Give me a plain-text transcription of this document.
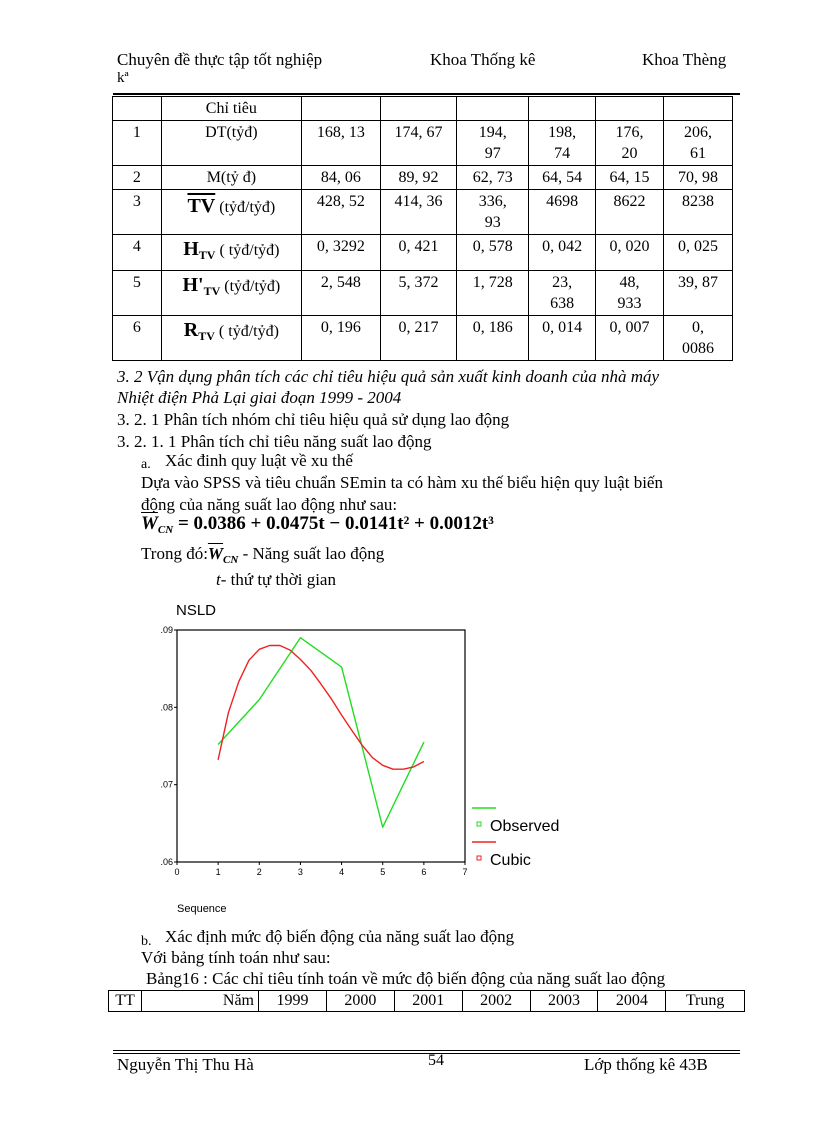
Chuyên đề thực tập tốt nghiệp	Khoa Thống kê	Khoa Thèng
kª
	Chỉ tiêu						
1	DT(tỷđ)	168, 13	174, 67	194, 97	198, 74	176, 20	206, 61
2	M(tỷ đ)	84, 06	89, 92	62, 73	64, 54	64, 15	70, 98
3	$\overline{TV}$ (tỷđ/tỷđ)	428, 52	414, 36	336, 93	4698	8622	8238
4	$H_{TV}$ ( tỷđ/tỷđ)	0, 3292	0, 421	0, 578	0, 042	0, 020	0, 025
5	$H'_{TV}$ (tỷđ/tỷđ)	2, 548	5, 372	1, 728	23, 638	48, 933	39, 87
6	$R_{TV}$ ( tỷđ/tỷđ)	0, 196	0, 217	0, 186	0, 014	0, 007	0, 0086
3. 2 Vận dụng phân tích các chỉ tiêu hiệu quả sản xuất kinh doanh của nhà máy
Nhiệt điện Phả Lại giai đoạn 1999 - 2004
3. 2. 1 Phân tích nhóm chỉ tiêu hiệu quả sử dụng lao động
3. 2. 1. 1 Phân tích chỉ tiêu năng suất lao động
a. Xác đinh quy luật về xu thế
Dựa vào SPSS và tiêu chuẩn SEmin ta có hàm xu thế biểu hiện quy luật biến
động của năng suất lao động như sau:
$\overline{W}_{CN} = 0.0386 + 0.0475t - 0.0141t^2 + 0.0012t^3$
Trong $đó:\overline{W}_{CN}$ - Năng suất lao động
t- thứ tự thời gian
NSLD
.06
.07
.08
.09
0	1	2	3	4	5	6	7
Sequence
Observed
Cubic
b. Xác định mức độ biến động của năng suất lao động
Với bảng tính toán như sau:
Bảng16 : Các chỉ tiêu tính toán về mức độ biến động của năng suất lao động
TT	Năm	1999	2000	2001	2002	2003	2004	Trung
Nguyễn Thị Thu Hà	54	Lớp thống kê 43B
